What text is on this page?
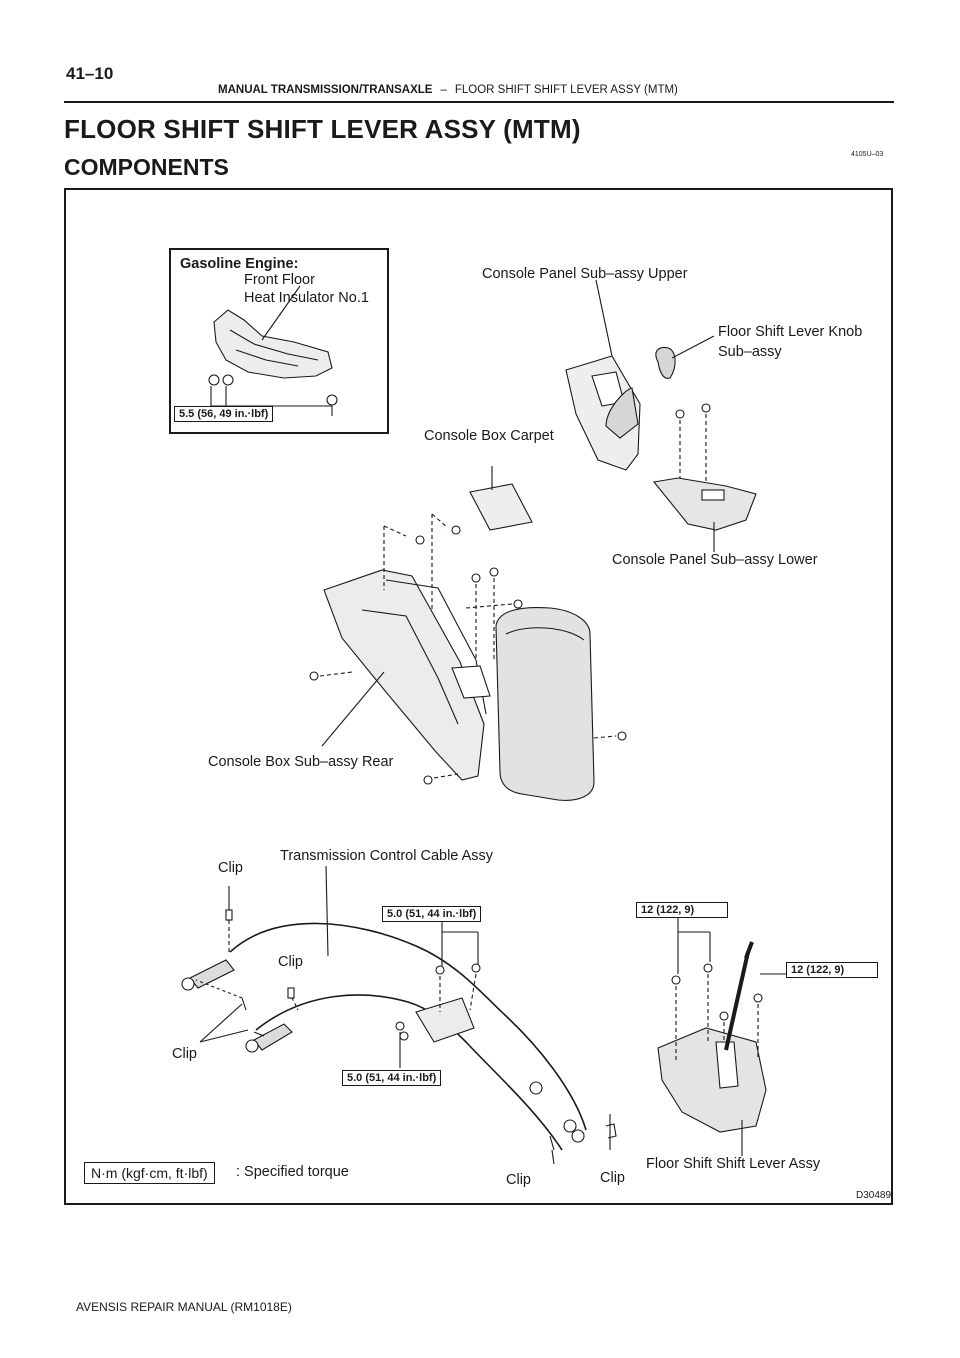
41–10
MANUAL TRANSMISSION/TRANSAXLE – FLOOR SHIFT SHIFT LEVER ASSY (MTM)
FLOOR SHIFT SHIFT LEVER ASSY (MTM)
COMPONENTS	4105U–03
Gasoline Engine:
Front Floor
Heat Insulator No.1
5.5 (56, 49 in.·lbf)
Console Panel Sub–assy Upper
Floor Shift Lever Knob
Sub–assy
Console Box Carpet
Console Panel Sub–assy Lower
Console Box Sub–assy Rear
Transmission Control Cable Assy
Clip
Clip
Clip
Clip	Clip
Floor Shift Shift Lever Assy
5.0 (51, 44 in.·lbf)
5.0 (51, 44 in.·lbf)
12 (122, 9)
12 (122, 9)
N·m (kgf·cm, ft·lbf)	: Specified torque
D30489
AVENSIS REPAIR MANUAL (RM1018E)
